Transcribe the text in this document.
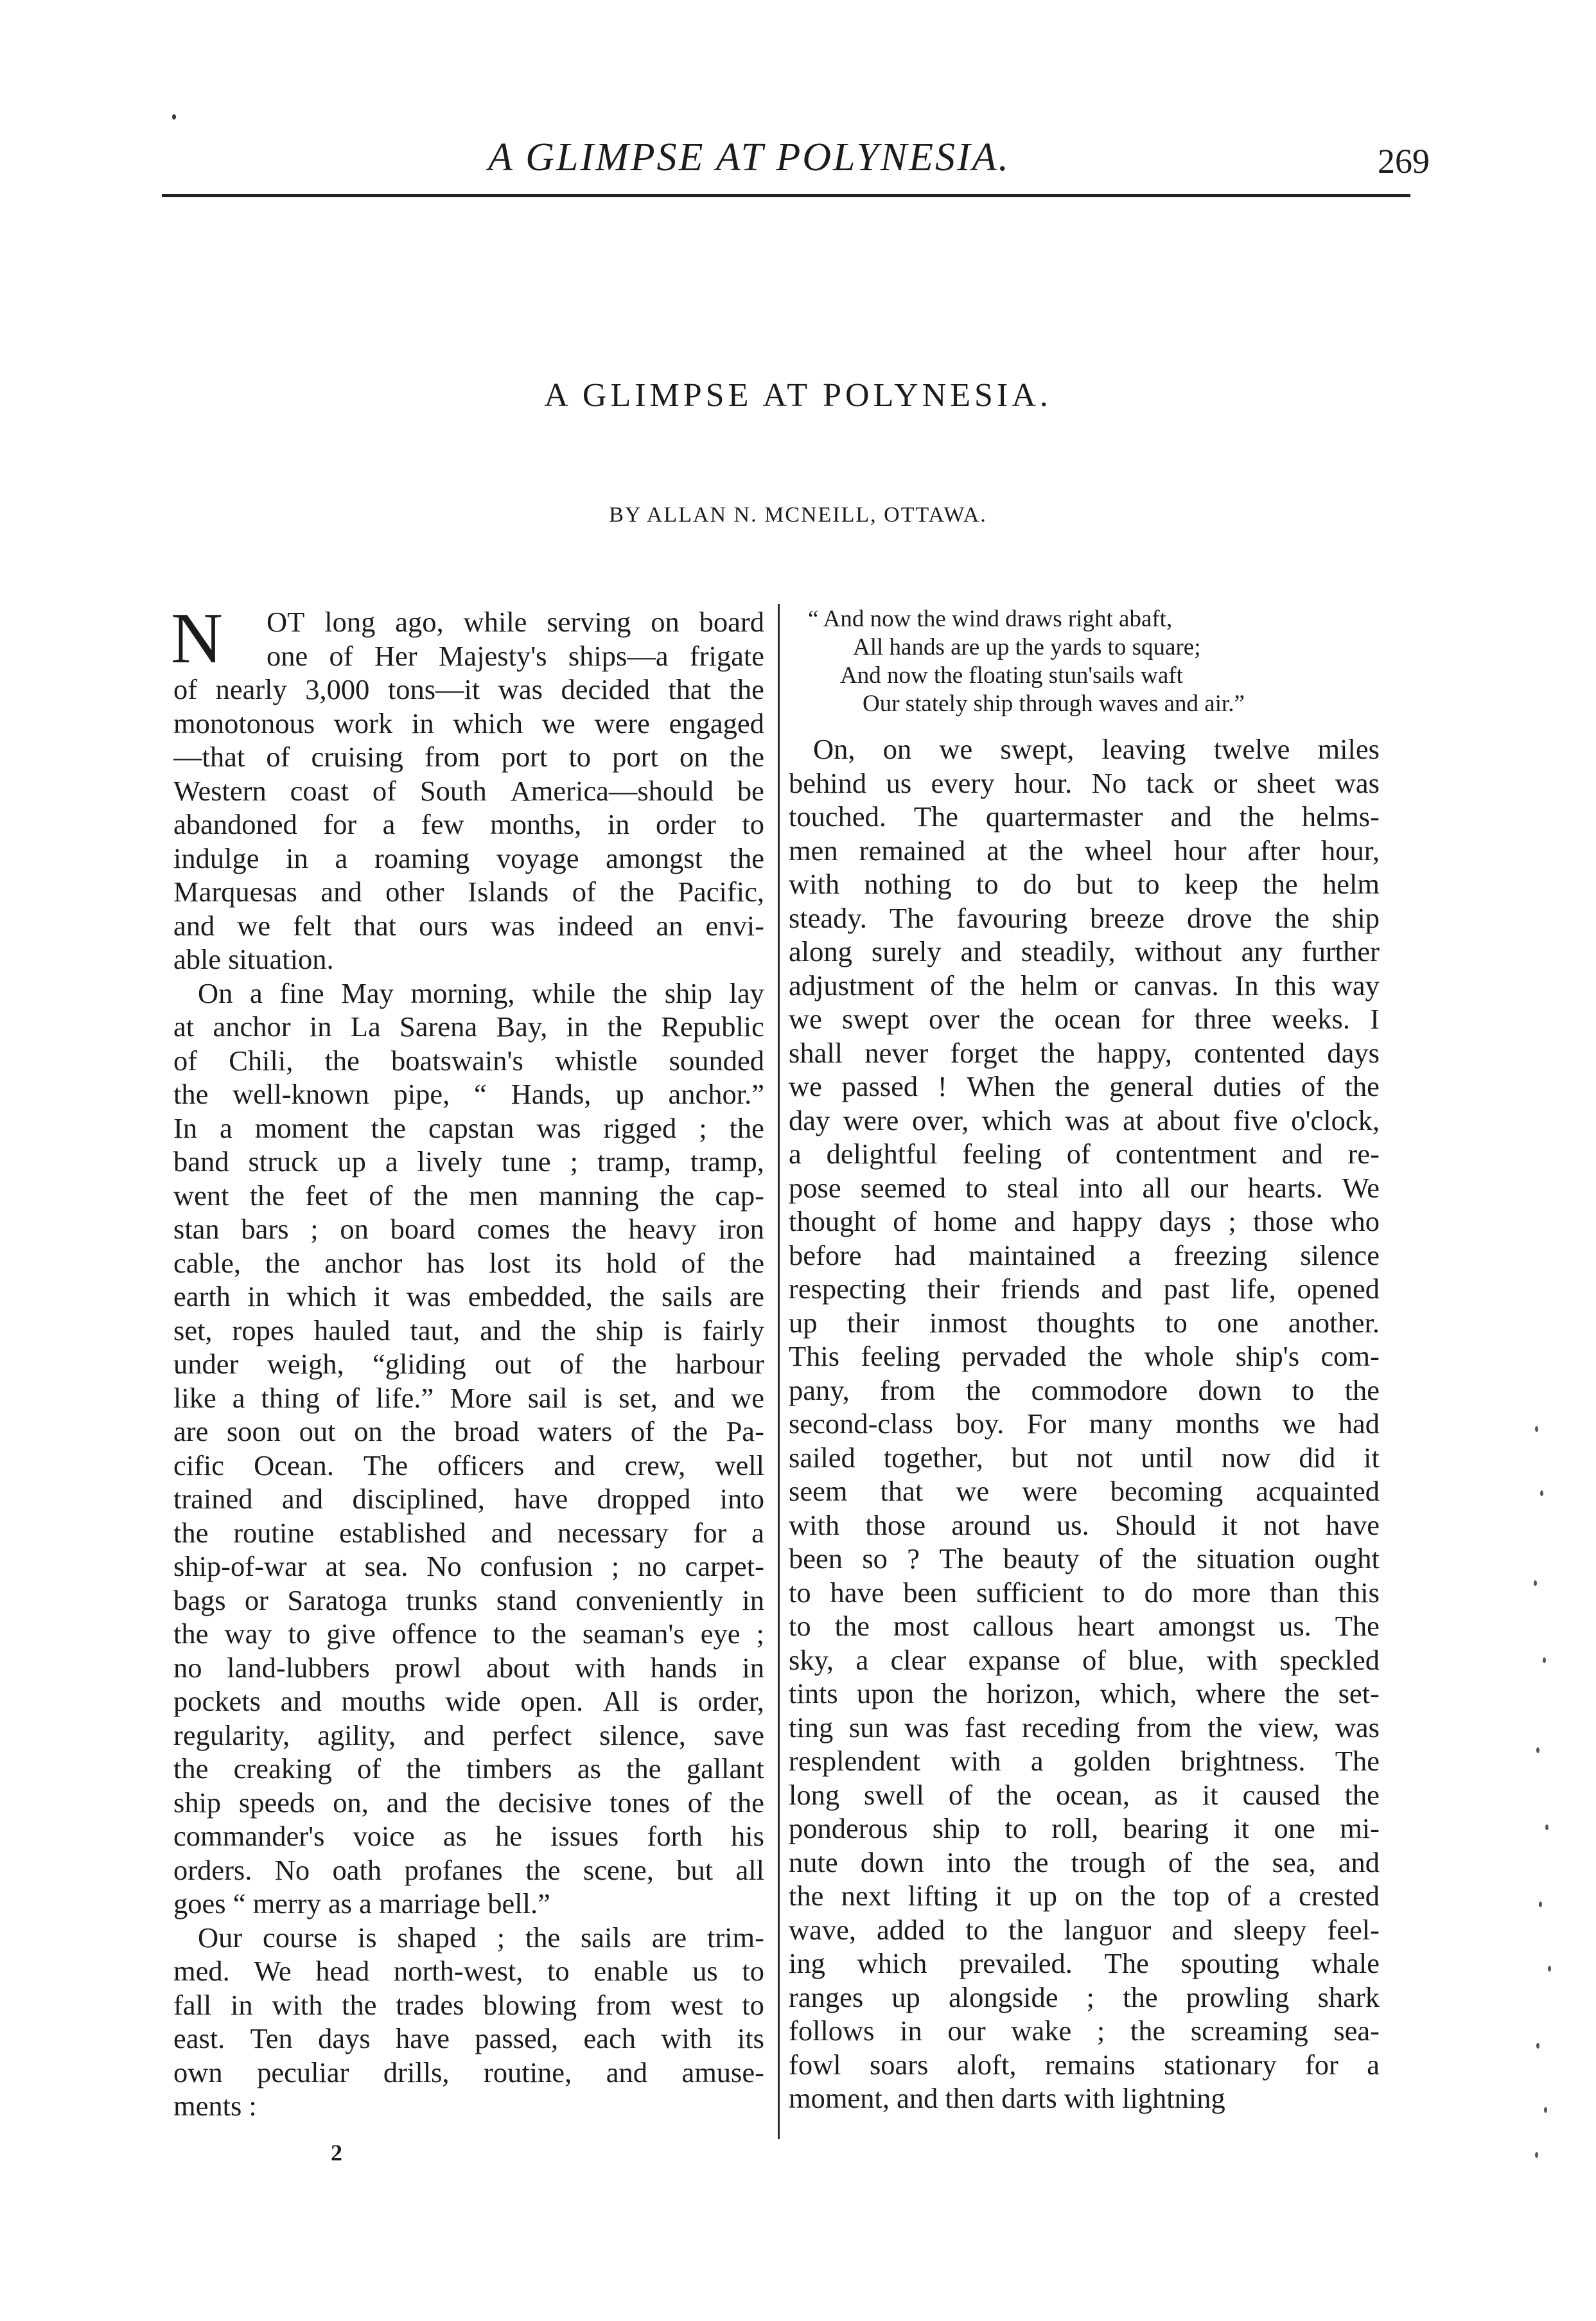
A GLIMPSE AT POLYNESIA.	269
A GLIMPSE AT POLYNESIA.
BY ALLAN N. MCNEILL, OTTAWA.
N OT long ago, while serving on board
one of Her Majesty's ships—a frigate
of nearly 3,000 tons—it was decided that the
monotonous work in which we were engaged
—that of cruising from port to port on the
Western coast of South America—should be
abandoned for a few months, in order to
indulge in a roaming voyage amongst the
Marquesas and other Islands of the Pacific,
and we felt that ours was indeed an envi-
able situation.
On a fine May morning, while the ship lay
at anchor in La Sarena Bay, in the Republic
of Chili, the boatswain's whistle sounded
the well-known pipe, “ Hands, up anchor.”
In a moment the capstan was rigged ; the
band struck up a lively tune ; tramp, tramp,
went the feet of the men manning the cap-
stan bars ; on board comes the heavy iron
cable, the anchor has lost its hold of the
earth in which it was embedded, the sails are
set, ropes hauled taut, and the ship is fairly
under weigh, “gliding out of the harbour
like a thing of life.” More sail is set, and we
are soon out on the broad waters of the Pa-
cific Ocean. The officers and crew, well
trained and disciplined, have dropped into
the routine established and necessary for a
ship-of-war at sea. No confusion ; no carpet-
bags or Saratoga trunks stand conveniently in
the way to give offence to the seaman's eye ;
no land-lubbers prowl about with hands in
pockets and mouths wide open. All is order,
regularity, agility, and perfect silence, save
the creaking of the timbers as the gallant
ship speeds on, and the decisive tones of the
commander's voice as he issues forth his
orders. No oath profanes the scene, but all
goes “ merry as a marriage bell.”
Our course is shaped ; the sails are trim-
med. We head north-west, to enable us to
fall in with the trades blowing from west to
east. Ten days have passed, each with its
own peculiar drills, routine, and amuse-
ments :
“ And now the wind draws right abaft,
All hands are up the yards to square;
And now the floating stun'sails waft
Our stately ship through waves and air.”
On, on we swept, leaving twelve miles
behind us every hour. No tack or sheet was
touched. The quartermaster and the helms-
men remained at the wheel hour after hour,
with nothing to do but to keep the helm
steady. The favouring breeze drove the ship
along surely and steadily, without any further
adjustment of the helm or canvas. In this way
we swept over the ocean for three weeks. I
shall never forget the happy, contented days
we passed ! When the general duties of the
day were over, which was at about five o'clock,
a delightful feeling of contentment and re-
pose seemed to steal into all our hearts. We
thought of home and happy days ; those who
before had maintained a freezing silence
respecting their friends and past life, opened
up their inmost thoughts to one another.
This feeling pervaded the whole ship's com-
pany, from the commodore down to the
second-class boy. For many months we had
sailed together, but not until now did it
seem that we were becoming acquainted
with those around us. Should it not have
been so ? The beauty of the situation ought
to have been sufficient to do more than this
to the most callous heart amongst us. The
sky, a clear expanse of blue, with speckled
tints upon the horizon, which, where the set-
ting sun was fast receding from the view, was
resplendent with a golden brightness. The
long swell of the ocean, as it caused the
ponderous ship to roll, bearing it one mi-
nute down into the trough of the sea, and
the next lifting it up on the top of a crested
wave, added to the languor and sleepy feel-
ing which prevailed. The spouting whale
ranges up alongside ; the prowling shark
follows in our wake ; the screaming sea-
fowl soars aloft, remains stationary for a
moment, and then darts with lightning
2
